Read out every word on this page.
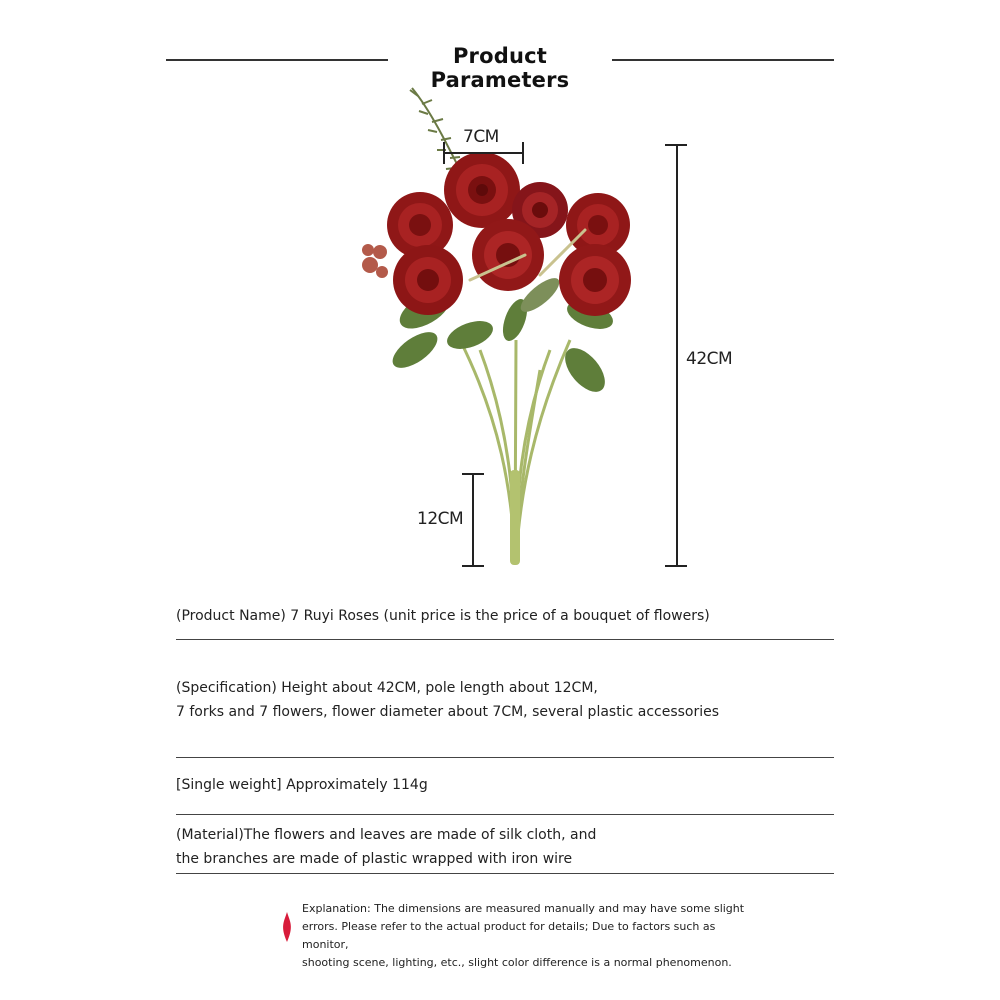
Product Parameters
7CM
42CM
12CM
(Product Name) 7 Ruyi Roses (unit price is the price of a bouquet of flowers)
(Specification) Height about 42CM, pole length about 12CM,
7 forks and 7 flowers, flower diameter about 7CM, several plastic accessories
[Single weight] Approximately 114g
(Material)The flowers and leaves are made of silk cloth, and
the branches are made of plastic wrapped with iron wire
Explanation: The dimensions are measured manually and may have some slight
errors. Please refer to the actual product for details; Due to factors such as monitor,
shooting scene, lighting, etc., slight color difference is a normal phenomenon.
